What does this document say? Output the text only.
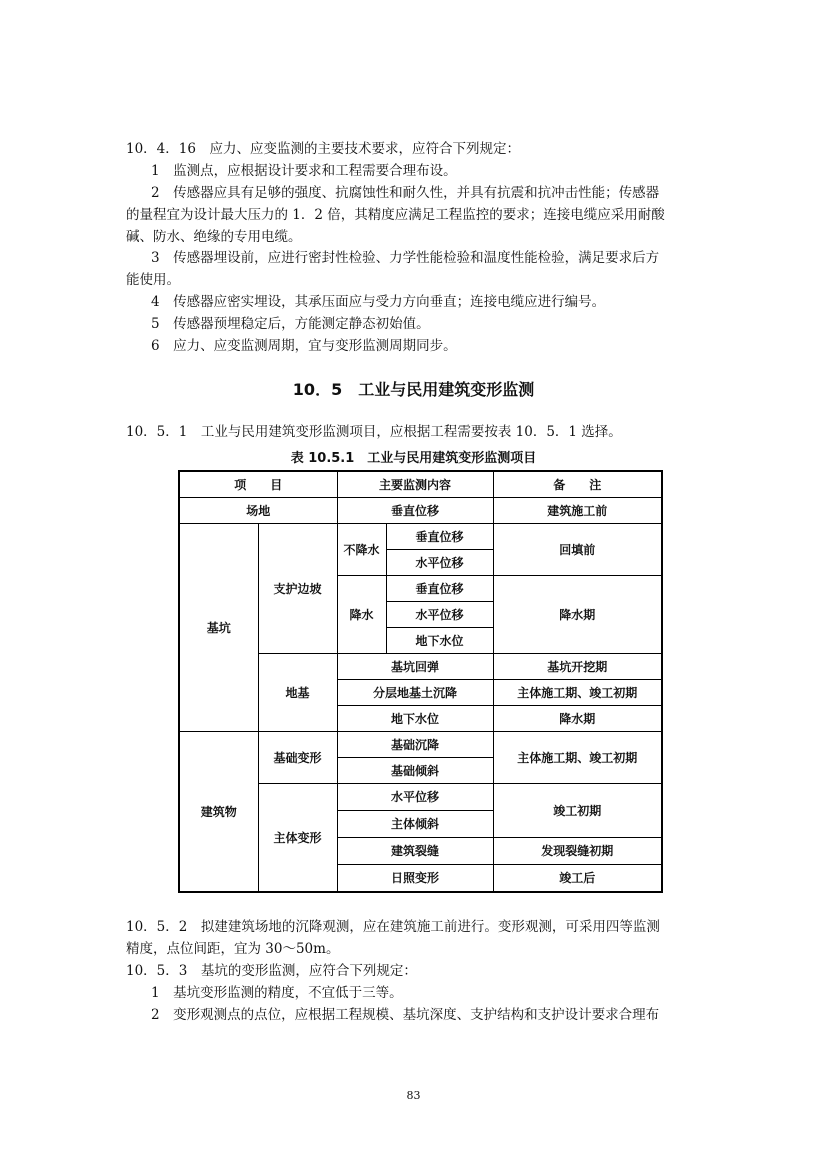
10．4．16　应力、应变监测的主要技术要求，应符合下列规定：
1　监测点，应根据设计要求和工程需要合理布设。
2　传感器应具有足够的强度、抗腐蚀性和耐久性，并具有抗震和抗冲击性能；传感器
的量程宜为设计最大压力的 1．2 倍，其精度应满足工程监控的要求；连接电缆应采用耐酸
碱、防水、绝缘的专用电缆。
3　传感器埋设前，应进行密封性检验、力学性能检验和温度性能检验，满足要求后方
能使用。
4　传感器应密实埋设，其承压面应与受力方向垂直；连接电缆应进行编号。
5　传感器预埋稳定后，方能测定静态初始值。
6　应力、应变监测周期，宜与变形监测周期同步。
10．5　工业与民用建筑变形监测
10．5．1　工业与民用建筑变形监测项目，应根据工程需要按表 10．5．1 选择。
表 10.5.1　工业与民用建筑变形监测项目
项　　目		主要监测内容		备　　注
场地		垂直位移		建筑施工前
基坑	支护边坡	不降水	垂直位移	回填前
			水平位移	
		降水	垂直位移	降水期
			水平位移	
			地下水位	
	地基	基坑回弹		基坑开挖期
		分层地基土沉降		主体施工期、竣工初期
		地下水位		降水期
建筑物	基础变形	基础沉降		主体施工期、竣工初期
		基础倾斜		
	主体变形	水平位移		竣工初期
		主体倾斜		
		建筑裂缝		发现裂缝初期
		日照变形		竣工后
10．5．2　拟建建筑场地的沉降观测，应在建筑施工前进行。变形观测，可采用四等监测
精度，点位间距，宜为 30～50m。
10．5．3　基坑的变形监测，应符合下列规定：
1　基坑变形监测的精度，不宜低于三等。
2　变形观测点的点位，应根据工程规模、基坑深度、支护结构和支护设计要求合理布
83
